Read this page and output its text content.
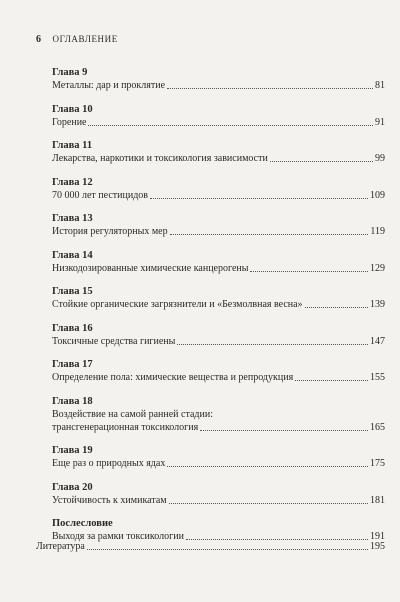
6 ОГЛАВЛЕНИЕ
Глава 9
Металлы: дар и проклятие	81
Глава 10
Горение	91
Глава 11
Лекарства, наркотики и токсикология зависимости	99
Глава 12
70 000 лет пестицидов	109
Глава 13
История регуляторных мер	119
Глава 14
Низкодозированные химические канцерогены	129
Глава 15
Стойкие органические загрязнители и «Безмолвная весна»	139
Глава 16
Токсичные средства гигиены	147
Глава 17
Определение пола: химические вещества и репродукция	155
Глава 18
Воздействие на самой ранней стадии:
трансгенерационная токсикология	165
Глава 19
Еще раз о природных ядах	175
Глава 20
Устойчивость к химикатам	181
Послесловие
Выходя за рамки токсикологии	191
Литература	195
